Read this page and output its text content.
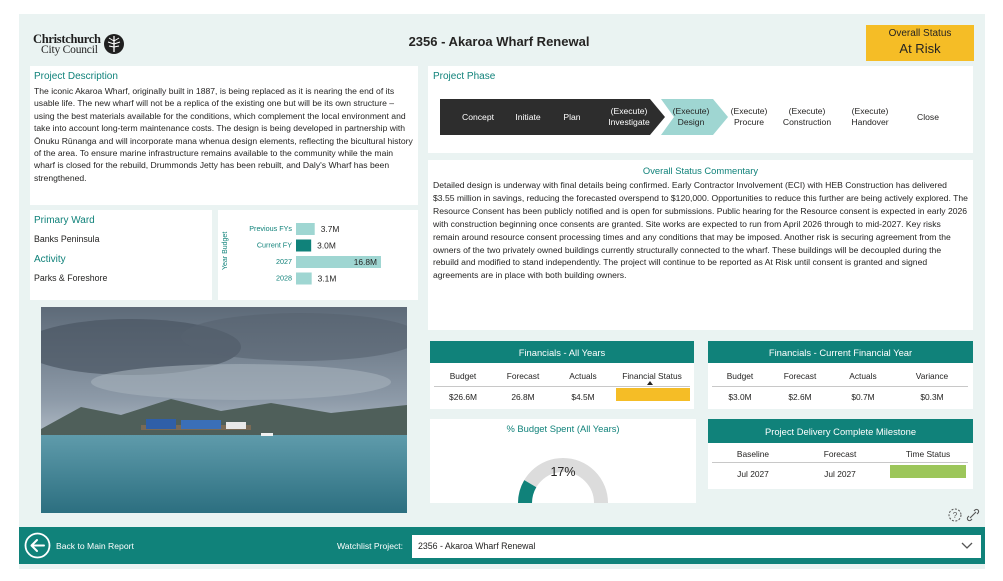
Christchurch
City Council
2356 - Akaroa Wharf Renewal
Overall Status
At Risk
Project Description

The iconic Akaroa Wharf, originally built in 1887, is being replaced as it is nearing the end of its usable life. The new wharf will not be a replica of the existing one but will be its own structure – using the best materials available for the conditions, which complement the local environment and take into account long-term maintenance costs. The design is being developed in partnership with Ōnuku Rūnanga and will incorporate mana whenua design elements, reflecting the bicultural history of the area. To ensure marine infrastructure remains available to the community while the main wharf is closed for the rebuild, Drummonds Jetty has been rebuilt, and Daly's Wharf has been strengthened.

Primary Ward
Banks Peninsula
Activity
Parks & Foreshore
Year Budget
Previous FYs	3.7M
Current FY	3.0M
2027	16.8M
2028	3.1M
Project Phase
Concept Initiate	Plan
(Execute)
Investigate
(Execute)
Design
(Execute)
Procure
(Execute)
Construction
(Execute)
Handover
Close
Overall Status Commentary

Detailed design is underway with final details being confirmed. Early Contractor Involvement (ECI) with HEB Construction has delivered $3.55 million in savings, reducing the forecasted overspend to $120,000. Opportunities to reduce this further are being actively explored. The Resource Consent has been publicly notified and is open for submissions. Public hearing for the Resource consent is expected in early 2026 with construction beginning once consents are granted. Site works are expected to run from April 2026 through to mid-2027. Key risks remain around resource consent processing times and any conditions that may be imposed. Another risk is securing agreement from the owners of the two privately owned buildings currently structurally connected to the wharf. These buildings will be decoupled during the rebuild and modified to stand independently. The project will continue to be reported as At Risk until consent is granted and signed agreements are in place with both building owners.

Financials - All Years
Budget	Forecast	Actuals	Financial Status
$26.6M	26.8M	$4.5M
Financials - Current Financial Year
Budget	Forecast	Actuals	Variance
$3.0M	$2.6M	$0.7M	$0.3M
% Budget Spent (All Years)
17%
Project Delivery Complete Milestone
Baseline	Forecast	Time Status
Jul 2027	Jul 2027
?
Back to Main Report	Watchlist Project: 2356 - Akaroa Wharf Renewal
